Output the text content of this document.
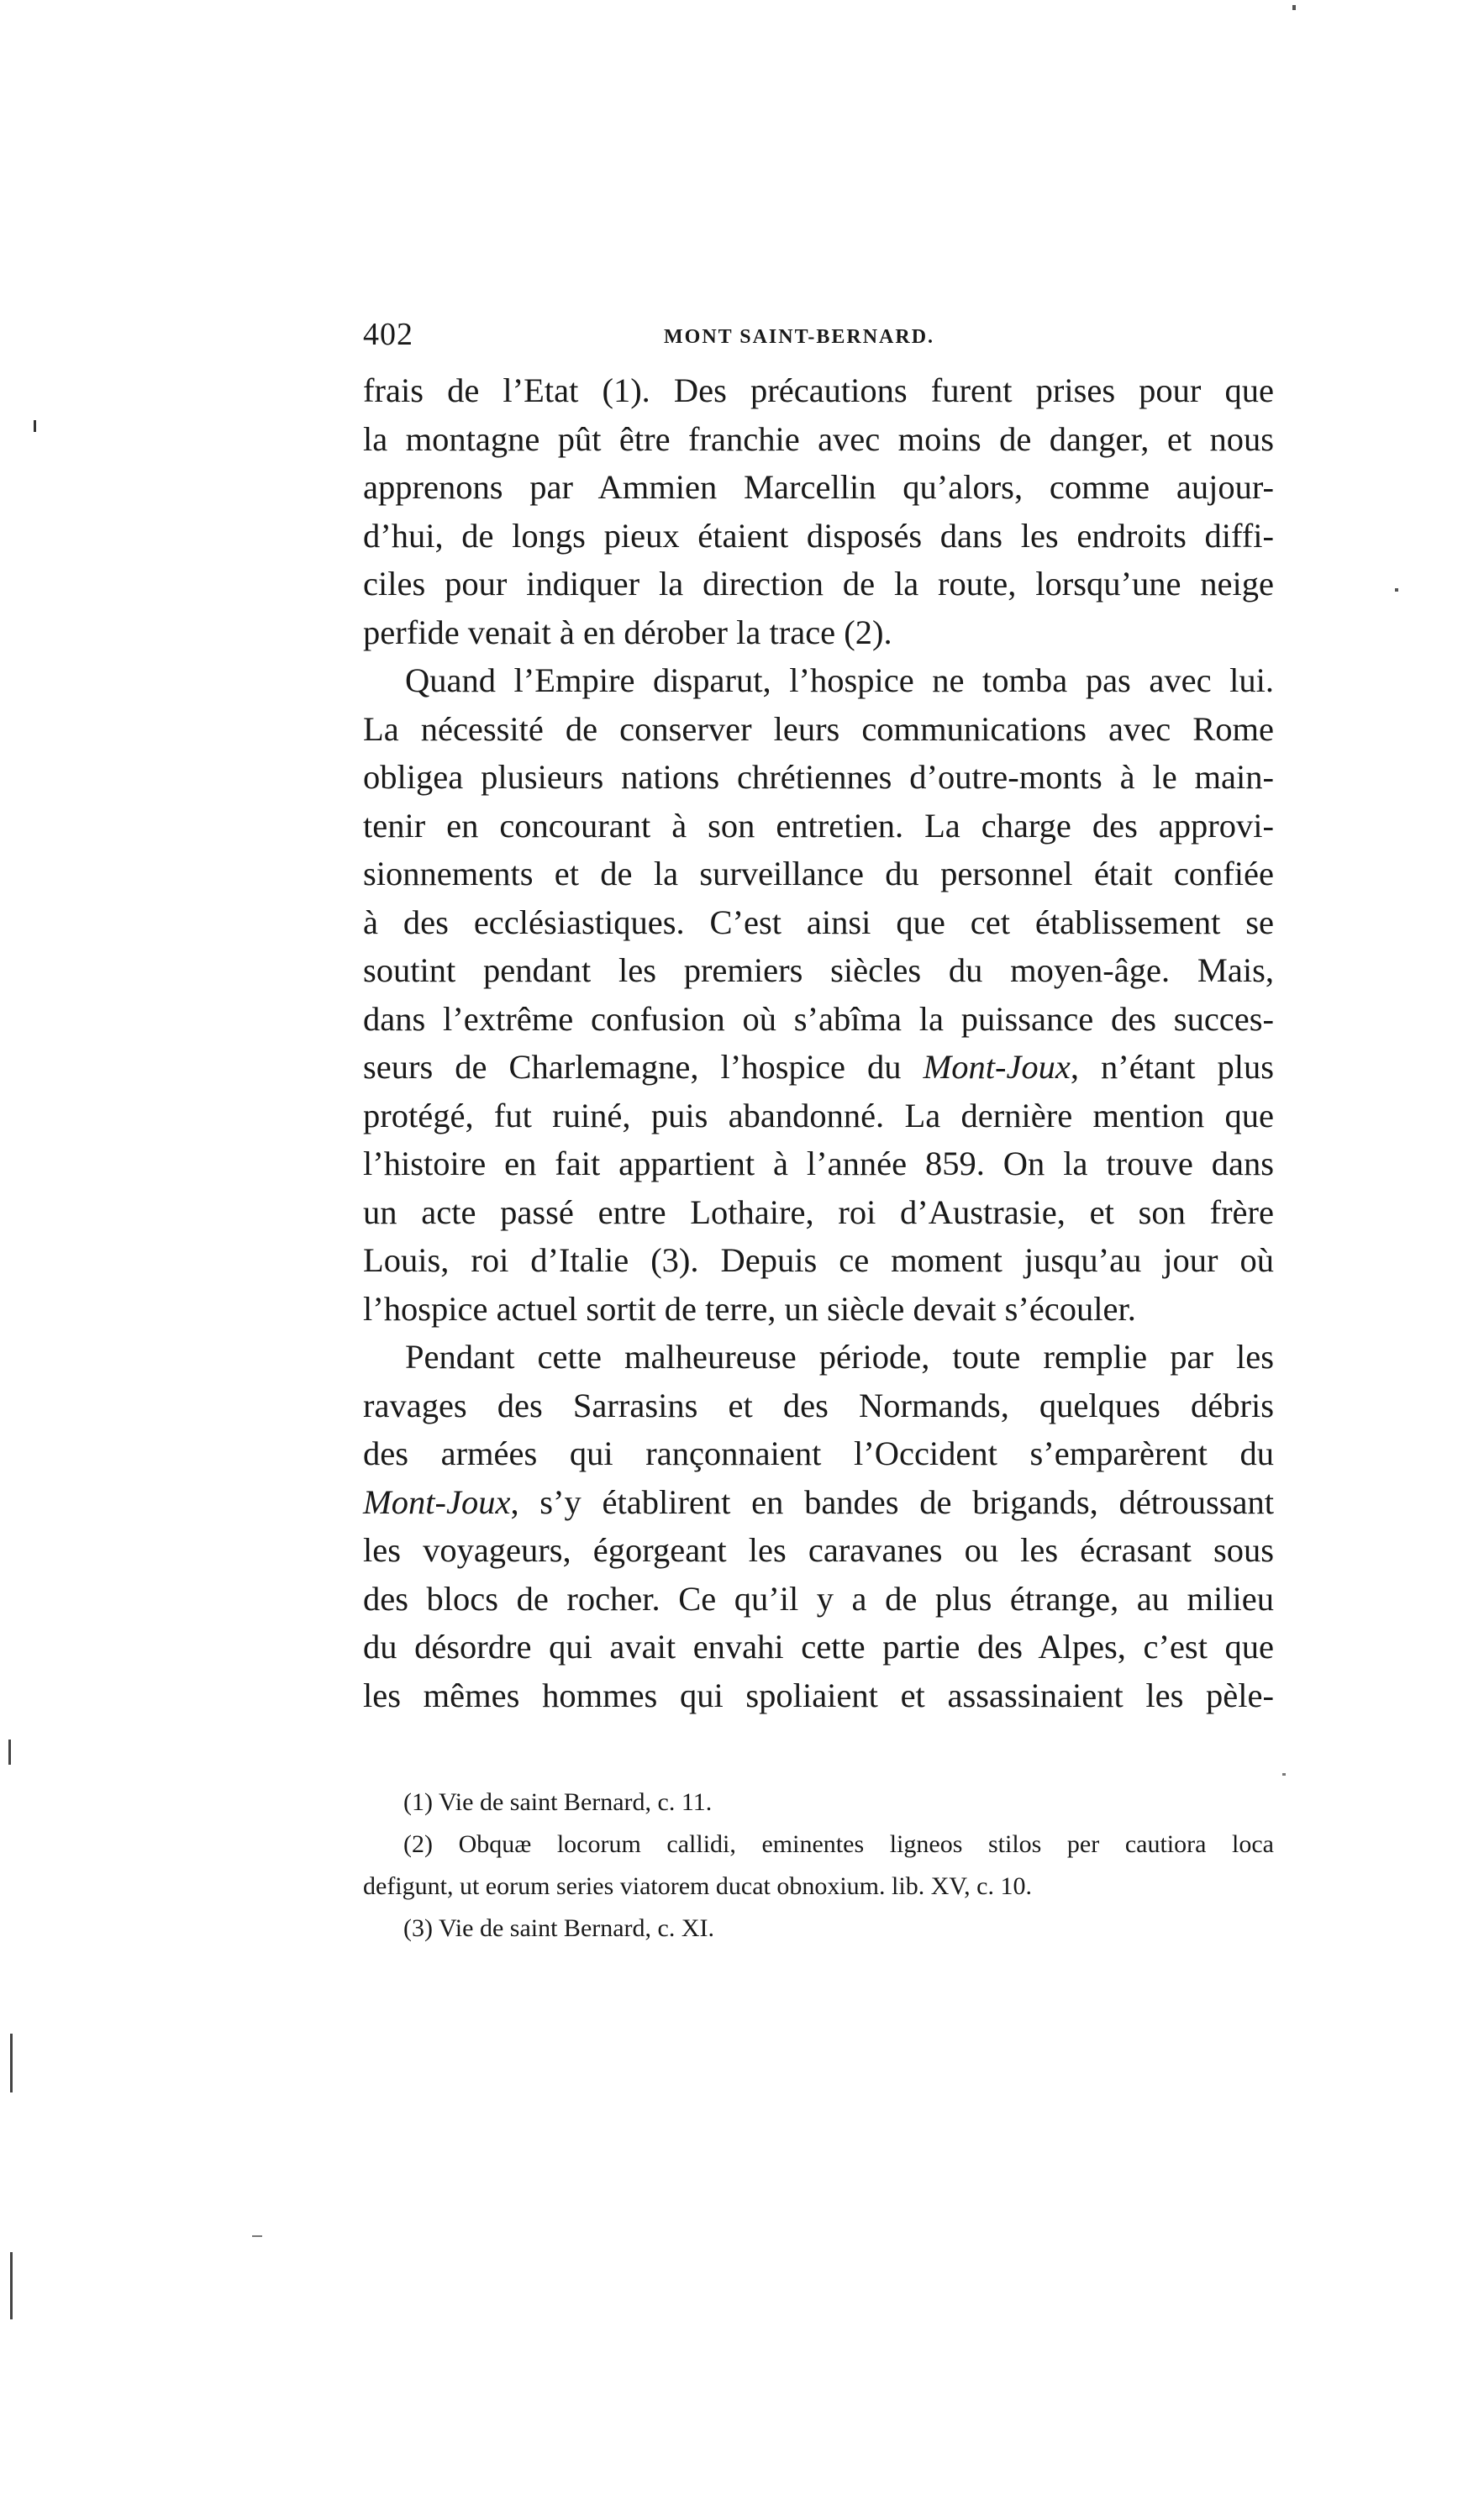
402	MONT SAINT-BERNARD.
frais de l’Etat (1). Des précautions furent prises pour que
la montagne pût être franchie avec moins de danger, et nous
apprenons par Ammien Marcellin qu’alors, comme aujour-
d’hui, de longs pieux étaient disposés dans les endroits diffi-
ciles pour indiquer la direction de la route, lorsqu’une neige
perfide venait à en dérober la trace (2).
Quand l’Empire disparut, l’hospice ne tomba pas avec lui.
La nécessité de conserver leurs communications avec Rome
obligea plusieurs nations chrétiennes d’outre-monts à le main-
tenir en concourant à son entretien. La charge des approvi-
sionnements et de la surveillance du personnel était confiée
à des ecclésiastiques. C’est ainsi que cet établissement se
soutint pendant les premiers siècles du moyen-âge. Mais,
dans l’extrême confusion où s’abîma la puissance des succes-
seurs de Charlemagne, l’hospice du Mont-Joux, n’étant plus
protégé, fut ruiné, puis abandonné. La dernière mention que
l’histoire en fait appartient à l’année 859. On la trouve dans
un acte passé entre Lothaire, roi d’Austrasie, et son frère
Louis, roi d’Italie (3). Depuis ce moment jusqu’au jour où
l’hospice actuel sortit de terre, un siècle devait s’écouler.
Pendant cette malheureuse période, toute remplie par les
ravages des Sarrasins et des Normands, quelques débris
des armées qui rançonnaient l’Occident s’emparèrent du
Mont-Joux, s’y établirent en bandes de brigands, détroussant
les voyageurs, égorgeant les caravanes ou les écrasant sous
des blocs de rocher. Ce qu’il y a de plus étrange, au milieu
du désordre qui avait envahi cette partie des Alpes, c’est que
les mêmes hommes qui spoliaient et assassinaient les pèle-
(1) Vie de saint Bernard, c. 11.
(2) Obquæ locorum callidi, eminentes ligneos stilos per cautiora loca
defigunt, ut eorum series viatorem ducat obnoxium. lib. XV, c. 10.
(3) Vie de saint Bernard, c. XI.
